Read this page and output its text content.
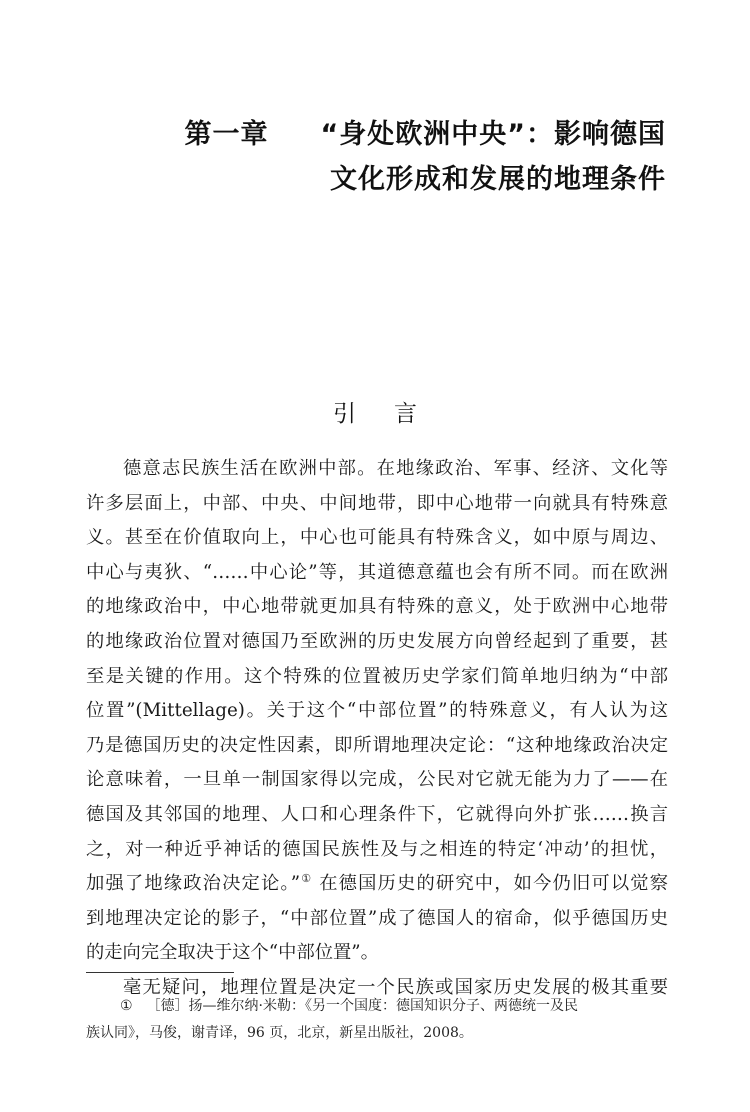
第一章 “身处欧洲中央”：影响德国
文化形成和发展的地理条件
引 言
德意志民族生活在欧洲中部。在地缘政治、军事、经济、文化等
许多层面上，中部、中央、中间地带，即中心地带一向就具有特殊意
义。甚至在价值取向上，中心也可能具有特殊含义，如中原与周边、
中心与夷狄、“……中心论”等，其道德意蕴也会有所不同。而在欧洲
的地缘政治中，中心地带就更加具有特殊的意义，处于欧洲中心地带
的地缘政治位置对德国乃至欧洲的历史发展方向曾经起到了重要，甚
至是关键的作用。这个特殊的位置被历史学家们简单地归纳为“中部
位置”(Mittellage)。关于这个“中部位置”的特殊意义，有人认为这
乃是德国历史的决定性因素，即所谓地理决定论：“这种地缘政治决定
论意味着，一旦单一制国家得以完成，公民对它就无能为力了——在
德国及其邻国的地理、人口和心理条件下，它就得向外扩张……换言
之，对一种近乎神话的德国民族性及与之相连的特定‘冲动’的担忧，
加强了地缘政治决定论。”① 在德国历史的研究中，如今仍旧可以觉察
到地理决定论的影子，“中部位置”成了德国人的宿命，似乎德国历史
的走向完全取决于这个“中部位置”。
毫无疑问，地理位置是决定一个民族或国家历史发展的极其重要
① ［德］扬—维尔纳·米勒：《另一个国度：德国知识分子、两德统一及民
族认同》，马俊，谢青译，96 页，北京，新星出版社，2008。
